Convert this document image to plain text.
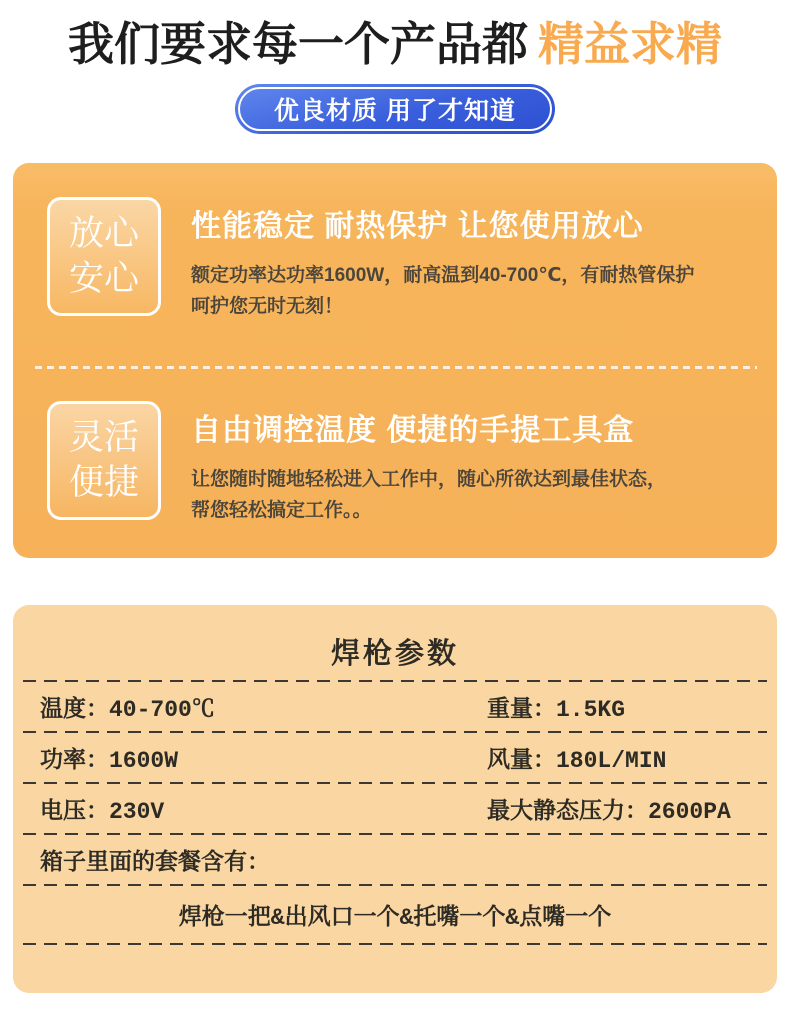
我们要求每一个产品都 精益求精
优良材质 用了才知道
放心
安心
性能稳定 耐热保护 让您使用放心
额定功率达功率1600W，耐高温到40-700℃，有耐热管保护
呵护您无时无刻！
灵活
便捷
自由调控温度 便捷的手提工具盒
让您随时随地轻松进入工作中，随心所欲达到最佳状态，
帮您轻松搞定工作。。
焊枪参数
温度：40-700℃	重量：1.5KG
功率：1600W	风量：180L/MIN
电压：230V	最大静态压力：2600PA
箱子里面的套餐含有：
焊枪一把&出风口一个&托嘴一个&点嘴一个
